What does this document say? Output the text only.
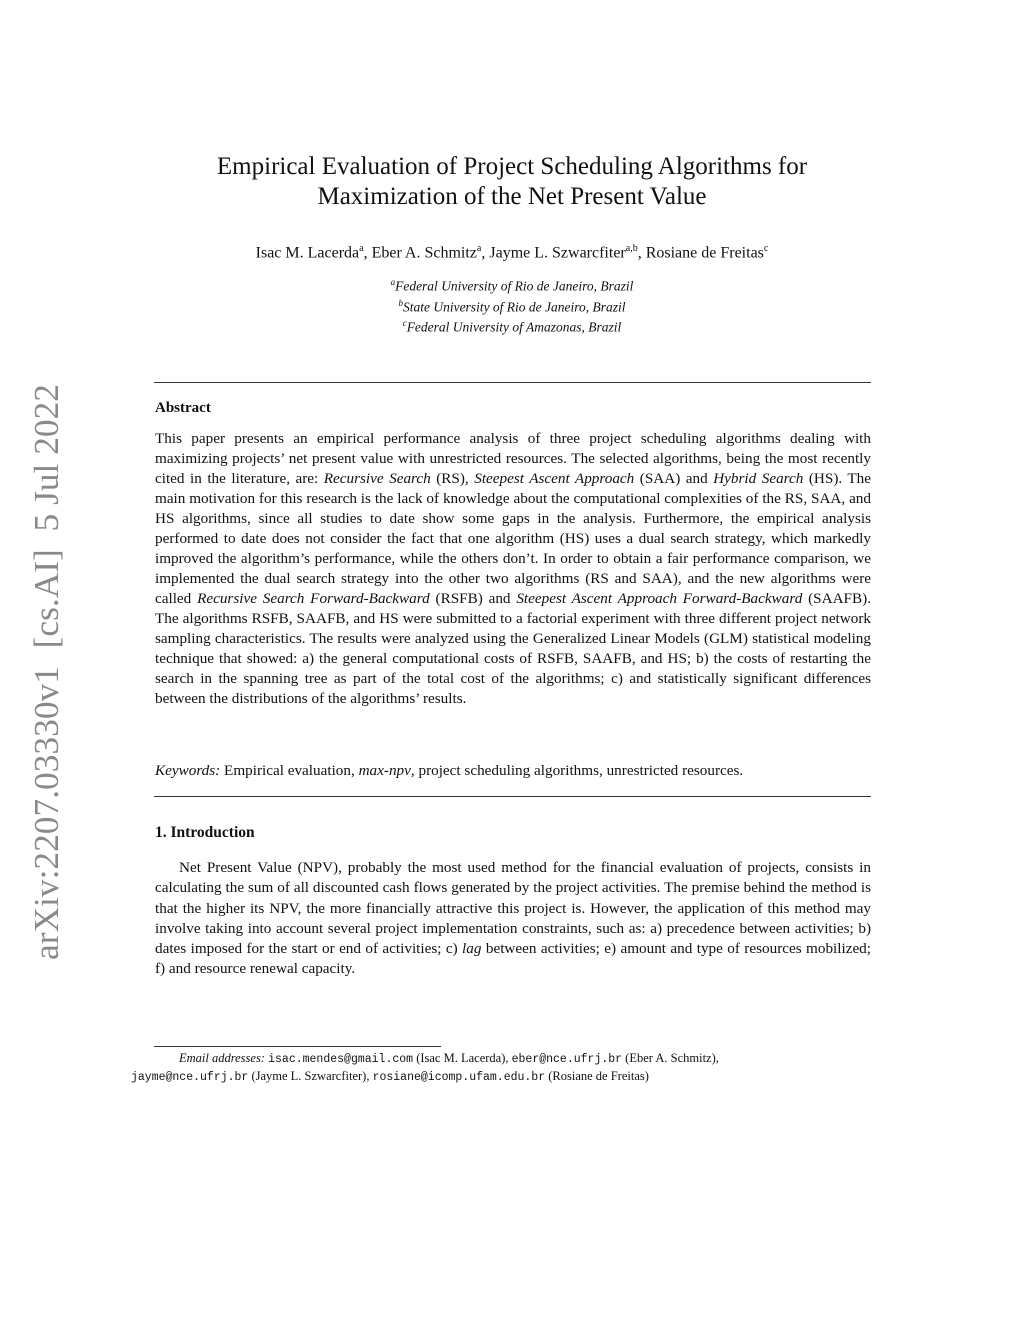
arXiv:2207.03330v1  [cs.AI]  5 Jul 2022
Empirical Evaluation of Project Scheduling Algorithms for
Maximization of the Net Present Value
Isac M. Lacerda$^a$, Eber A. Schmitz$^a$, Jayme L. Szwarcfiter$^{a,b}$, Rosiane de Freitas$^c$
$^a$Federal University of Rio de Janeiro, Brazil
$^b$State University of Rio de Janeiro, Brazil
$^c$Federal University of Amazonas, Brazil
Abstract
This paper presents an empirical performance analysis of three project scheduling algorithms dealing with maximizing projects’ net present value with unrestricted resources. The selected algorithms, being the most recently cited in the literature, are: Recursive Search (RS), Steepest Ascent Approach (SAA) and Hybrid Search (HS). The main motivation for this research is the lack of knowledge about the computational complexities of the RS, SAA, and HS algorithms, since all studies to date show some gaps in the analysis. Furthermore, the empirical analysis performed to date does not consider the fact that one algorithm (HS) uses a dual search strategy, which markedly improved the algorithm’s performance, while the others don’t. In order to obtain a fair performance comparison, we implemented the dual search strategy into the other two algorithms (RS and SAA), and the new algorithms were called Recursive Search Forward-Backward (RSFB) and Steepest Ascent Approach Forward-Backward (SAAFB). The algorithms RSFB, SAAFB, and HS were submitted to a factorial experiment with three different project network sampling characteristics. The results were analyzed using the Generalized Linear Models (GLM) statistical modeling technique that showed: a) the general computational costs of RSFB, SAAFB, and HS; b) the costs of restarting the search in the spanning tree as part of the total cost of the algorithms; c) and statistically significant differences between the distributions of the algorithms’ results.
Keywords: Empirical evaluation, max-npv, project scheduling algorithms, unrestricted resources.
1. Introduction
Net Present Value (NPV), probably the most used method for the financial evaluation of projects, consists in calculating the sum of all discounted cash flows generated by the project activities. The premise behind the method is that the higher its NPV, the more financially attractive this project is. However, the application of this method may involve taking into account several project implementation constraints, such as: a) precedence between activities; b) dates imposed for the start or end of activities; c) lag between activities; e) amount and type of resources mobilized; f) and resource renewal capacity.
Email addresses: isac.mendes@gmail.com (Isac M. Lacerda), eber@nce.ufrj.br (Eber A. Schmitz),
jayme@nce.ufrj.br (Jayme L. Szwarcfiter), rosiane@icomp.ufam.edu.br (Rosiane de Freitas)
